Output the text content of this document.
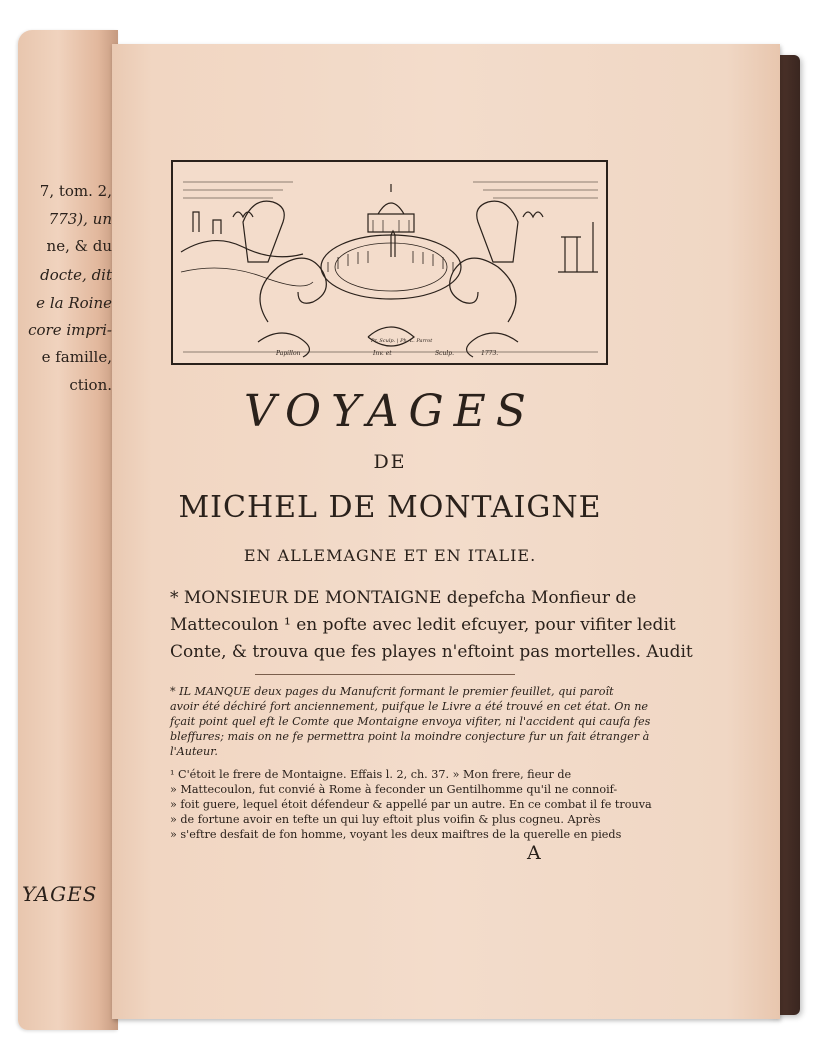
7, tom. 2,
773), un
ne, & du
docte, dit
e la Roine
core impri-
e famille,
ction.
YAGES
Papillon	Inv. et	Sculp.	1773.
Pr. Sculp. | Ph. L. Parrot
VOYAGES
DE
MICHEL DE MONTAIGNE
EN ALLEMAGNE ET EN ITALIE.
* MONSIEUR DE MONTAIGNE depefcha Monfieur de
Mattecoulon ¹ en pofte avec ledit efcuyer, pour vifiter ledit
Conte, & trouva que fes playes n'eftoint pas mortelles. Audit
* IL MANQUE deux pages du Manufcrit formant le premier feuillet, qui paroît
avoir été déchiré fort anciennement, puifque le Livre a été trouvé en cet état. On ne
fçait point quel eft le Comte que Montaigne envoya vifiter, ni l'accident qui caufa fes
bleffures; mais on ne fe permettra point la moindre conjecture fur un fait étranger à
l'Auteur.
¹ C'étoit le frere de Montaigne. Effais l. 2, ch. 37. » Mon frere, fieur de
» Mattecoulon, fut convié à Rome à feconder un Gentilhomme qu'il ne connoif-
» foit guere, lequel étoit défendeur & appellé par un autre. En ce combat il fe trouva
» de fortune avoir en tefte un qui luy eftoit plus voifin & plus cogneu. Après
» s'eftre desfait de fon homme, voyant les deux maiftres de la querelle en pieds
A
